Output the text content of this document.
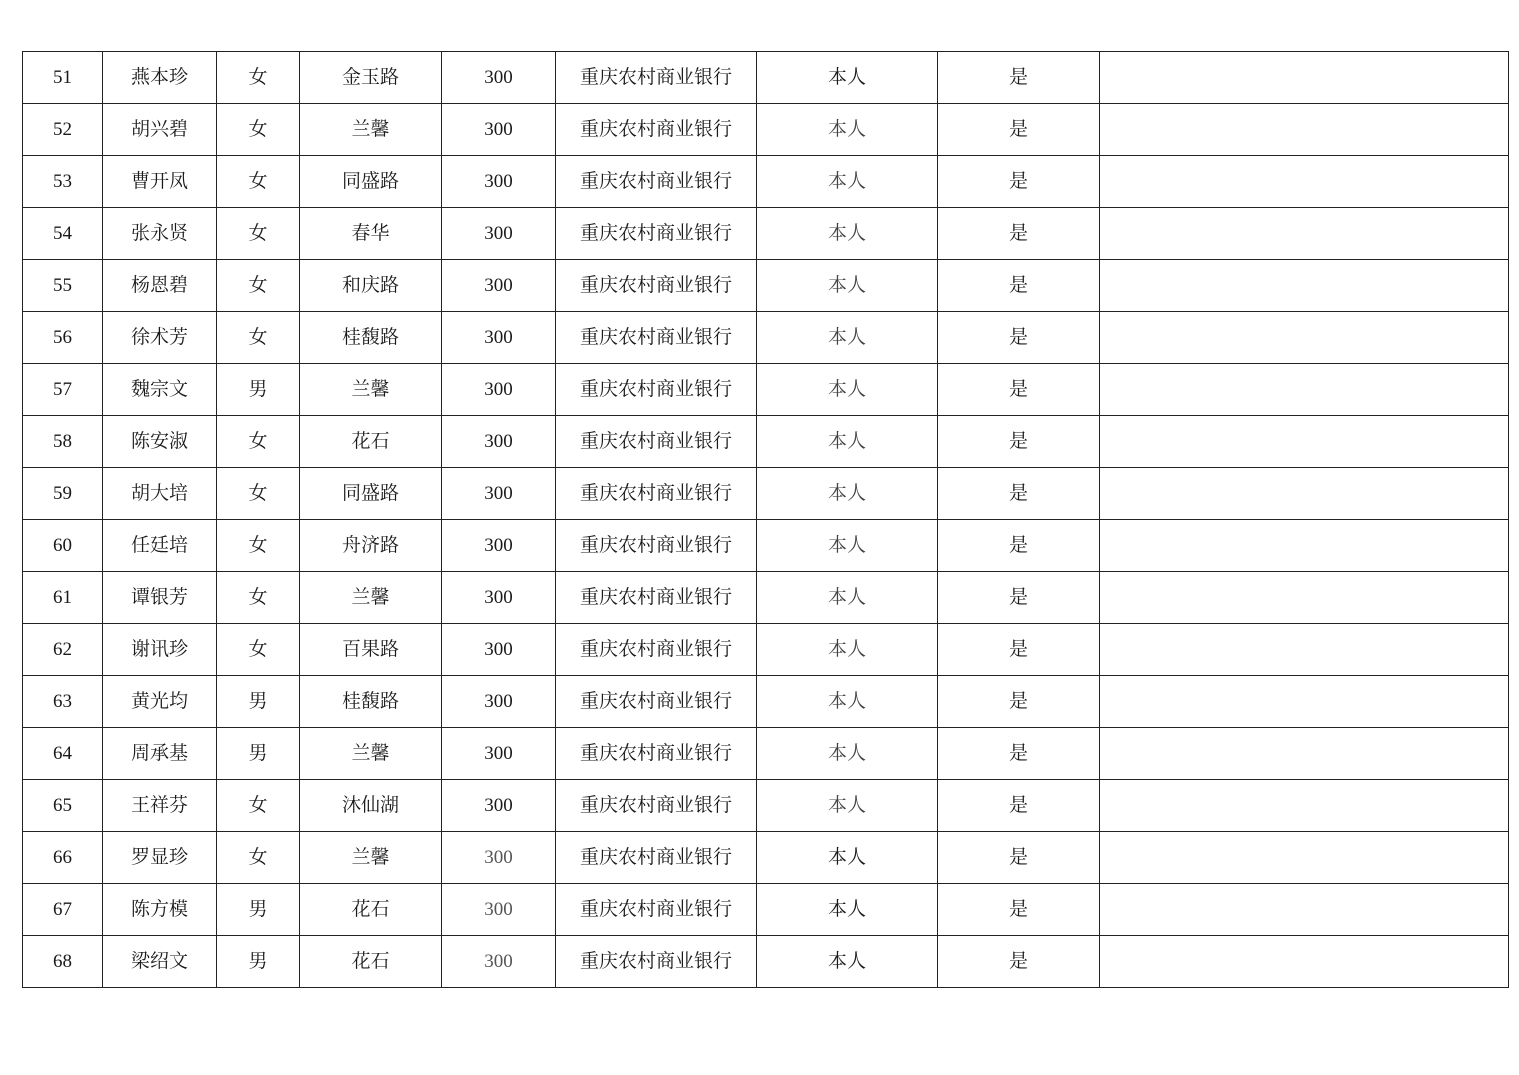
51	燕本珍	女	金玉路	300	重庆农村商业银行	本人	是	
52	胡兴碧	女	兰馨	300	重庆农村商业银行	本人	是	
53	曹开凤	女	同盛路	300	重庆农村商业银行	本人	是	
54	张永贤	女	春华	300	重庆农村商业银行	本人	是	
55	杨恩碧	女	和庆路	300	重庆农村商业银行	本人	是	
56	徐术芳	女	桂馥路	300	重庆农村商业银行	本人	是	
57	魏宗文	男	兰馨	300	重庆农村商业银行	本人	是	
58	陈安淑	女	花石	300	重庆农村商业银行	本人	是	
59	胡大培	女	同盛路	300	重庆农村商业银行	本人	是	
60	任廷培	女	舟济路	300	重庆农村商业银行	本人	是	
61	谭银芳	女	兰馨	300	重庆农村商业银行	本人	是	
62	谢讯珍	女	百果路	300	重庆农村商业银行	本人	是	
63	黄光均	男	桂馥路	300	重庆农村商业银行	本人	是	
64	周承基	男	兰馨	300	重庆农村商业银行	本人	是	
65	王祥芬	女	沐仙湖	300	重庆农村商业银行	本人	是	
66	罗显珍	女	兰馨	300	重庆农村商业银行	本人	是	
67	陈方模	男	花石	300	重庆农村商业银行	本人	是	
68	梁绍文	男	花石	300	重庆农村商业银行	本人	是	
